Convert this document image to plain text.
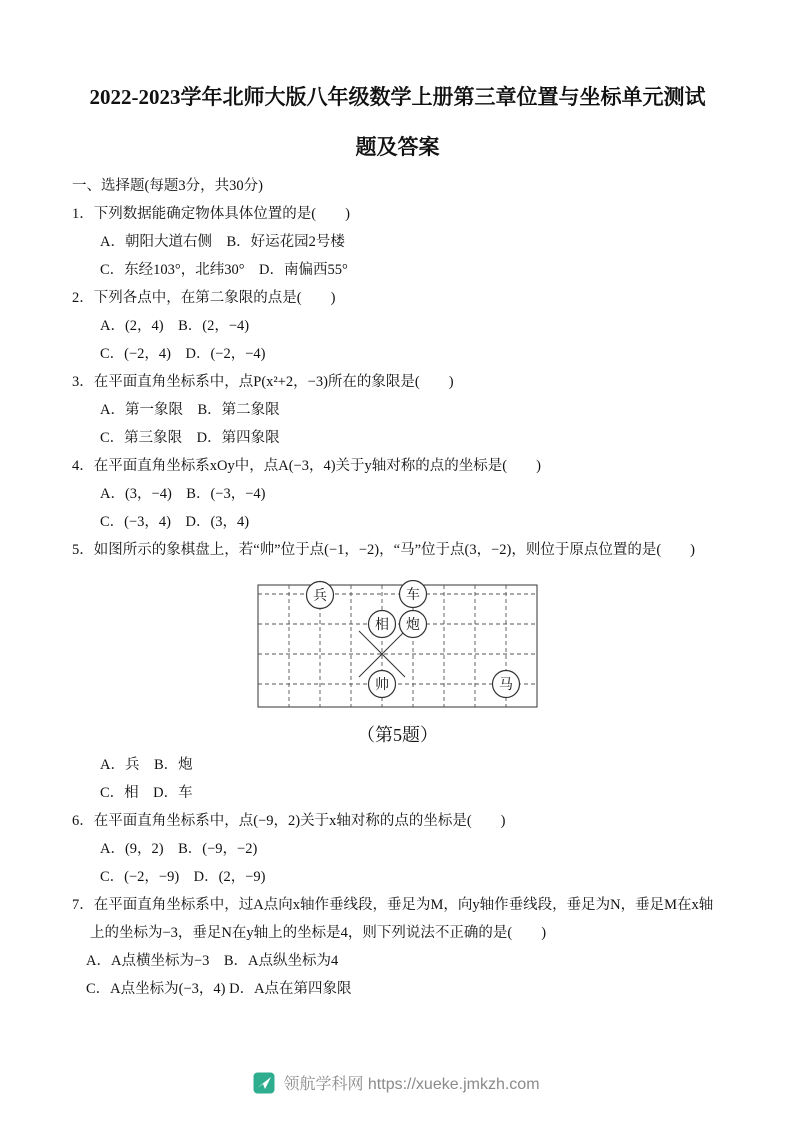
2022-2023学年北师大版八年级数学上册第三章位置与坐标单元测试
题及答案
一、选择题(每题3分，共30分)
1．下列数据能确定物体具体位置的是(　　)
A．朝阳大道右侧　B．好运花园2号楼
C．东经103°，北纬30°　D．南偏西55°
2．下列各点中，在第二象限的点是(　　)
A．(2，4)　B．(2，−4)
C．(−2，4)　D．(−2，−4)
3．在平面直角坐标系中，点P(x²+2，−3)所在的象限是(　　)
A．第一象限　B．第二象限
C．第三象限　D．第四象限
4．在平面直角坐标系xOy中，点A(−3，4)关于y轴对称的点的坐标是(　　)
A．(3，−4)　B．(−3，−4)
C．(−3，4)　D．(3，4)
5．如图所示的象棋盘上，若“帅”位于点(−1，−2)，“马”位于点(3，−2)，则位于原点位置的是(　　)
兵	车
相 炮
帅	马
（第5题）
A．兵　B．炮
C．相　D．车
6．在平面直角坐标系中，点(−9，2)关于x轴对称的点的坐标是(　　)
A．(9，2)　B．(−9，−2)
C．(−2，−9)　D．(2，−9)
7．在平面直角坐标系中，过A点向x轴作垂线段，垂足为M，向y轴作垂线段，垂足为N，垂足M在x轴上的坐标为−3，垂足N在y轴上的坐标是4，则下列说法不正确的是(　　)
A．A点横坐标为−3　B．A点纵坐标为4
C．A点坐标为(−3，4) D．A点在第四象限
领航学科网 https://xueke.jmkzh.com
